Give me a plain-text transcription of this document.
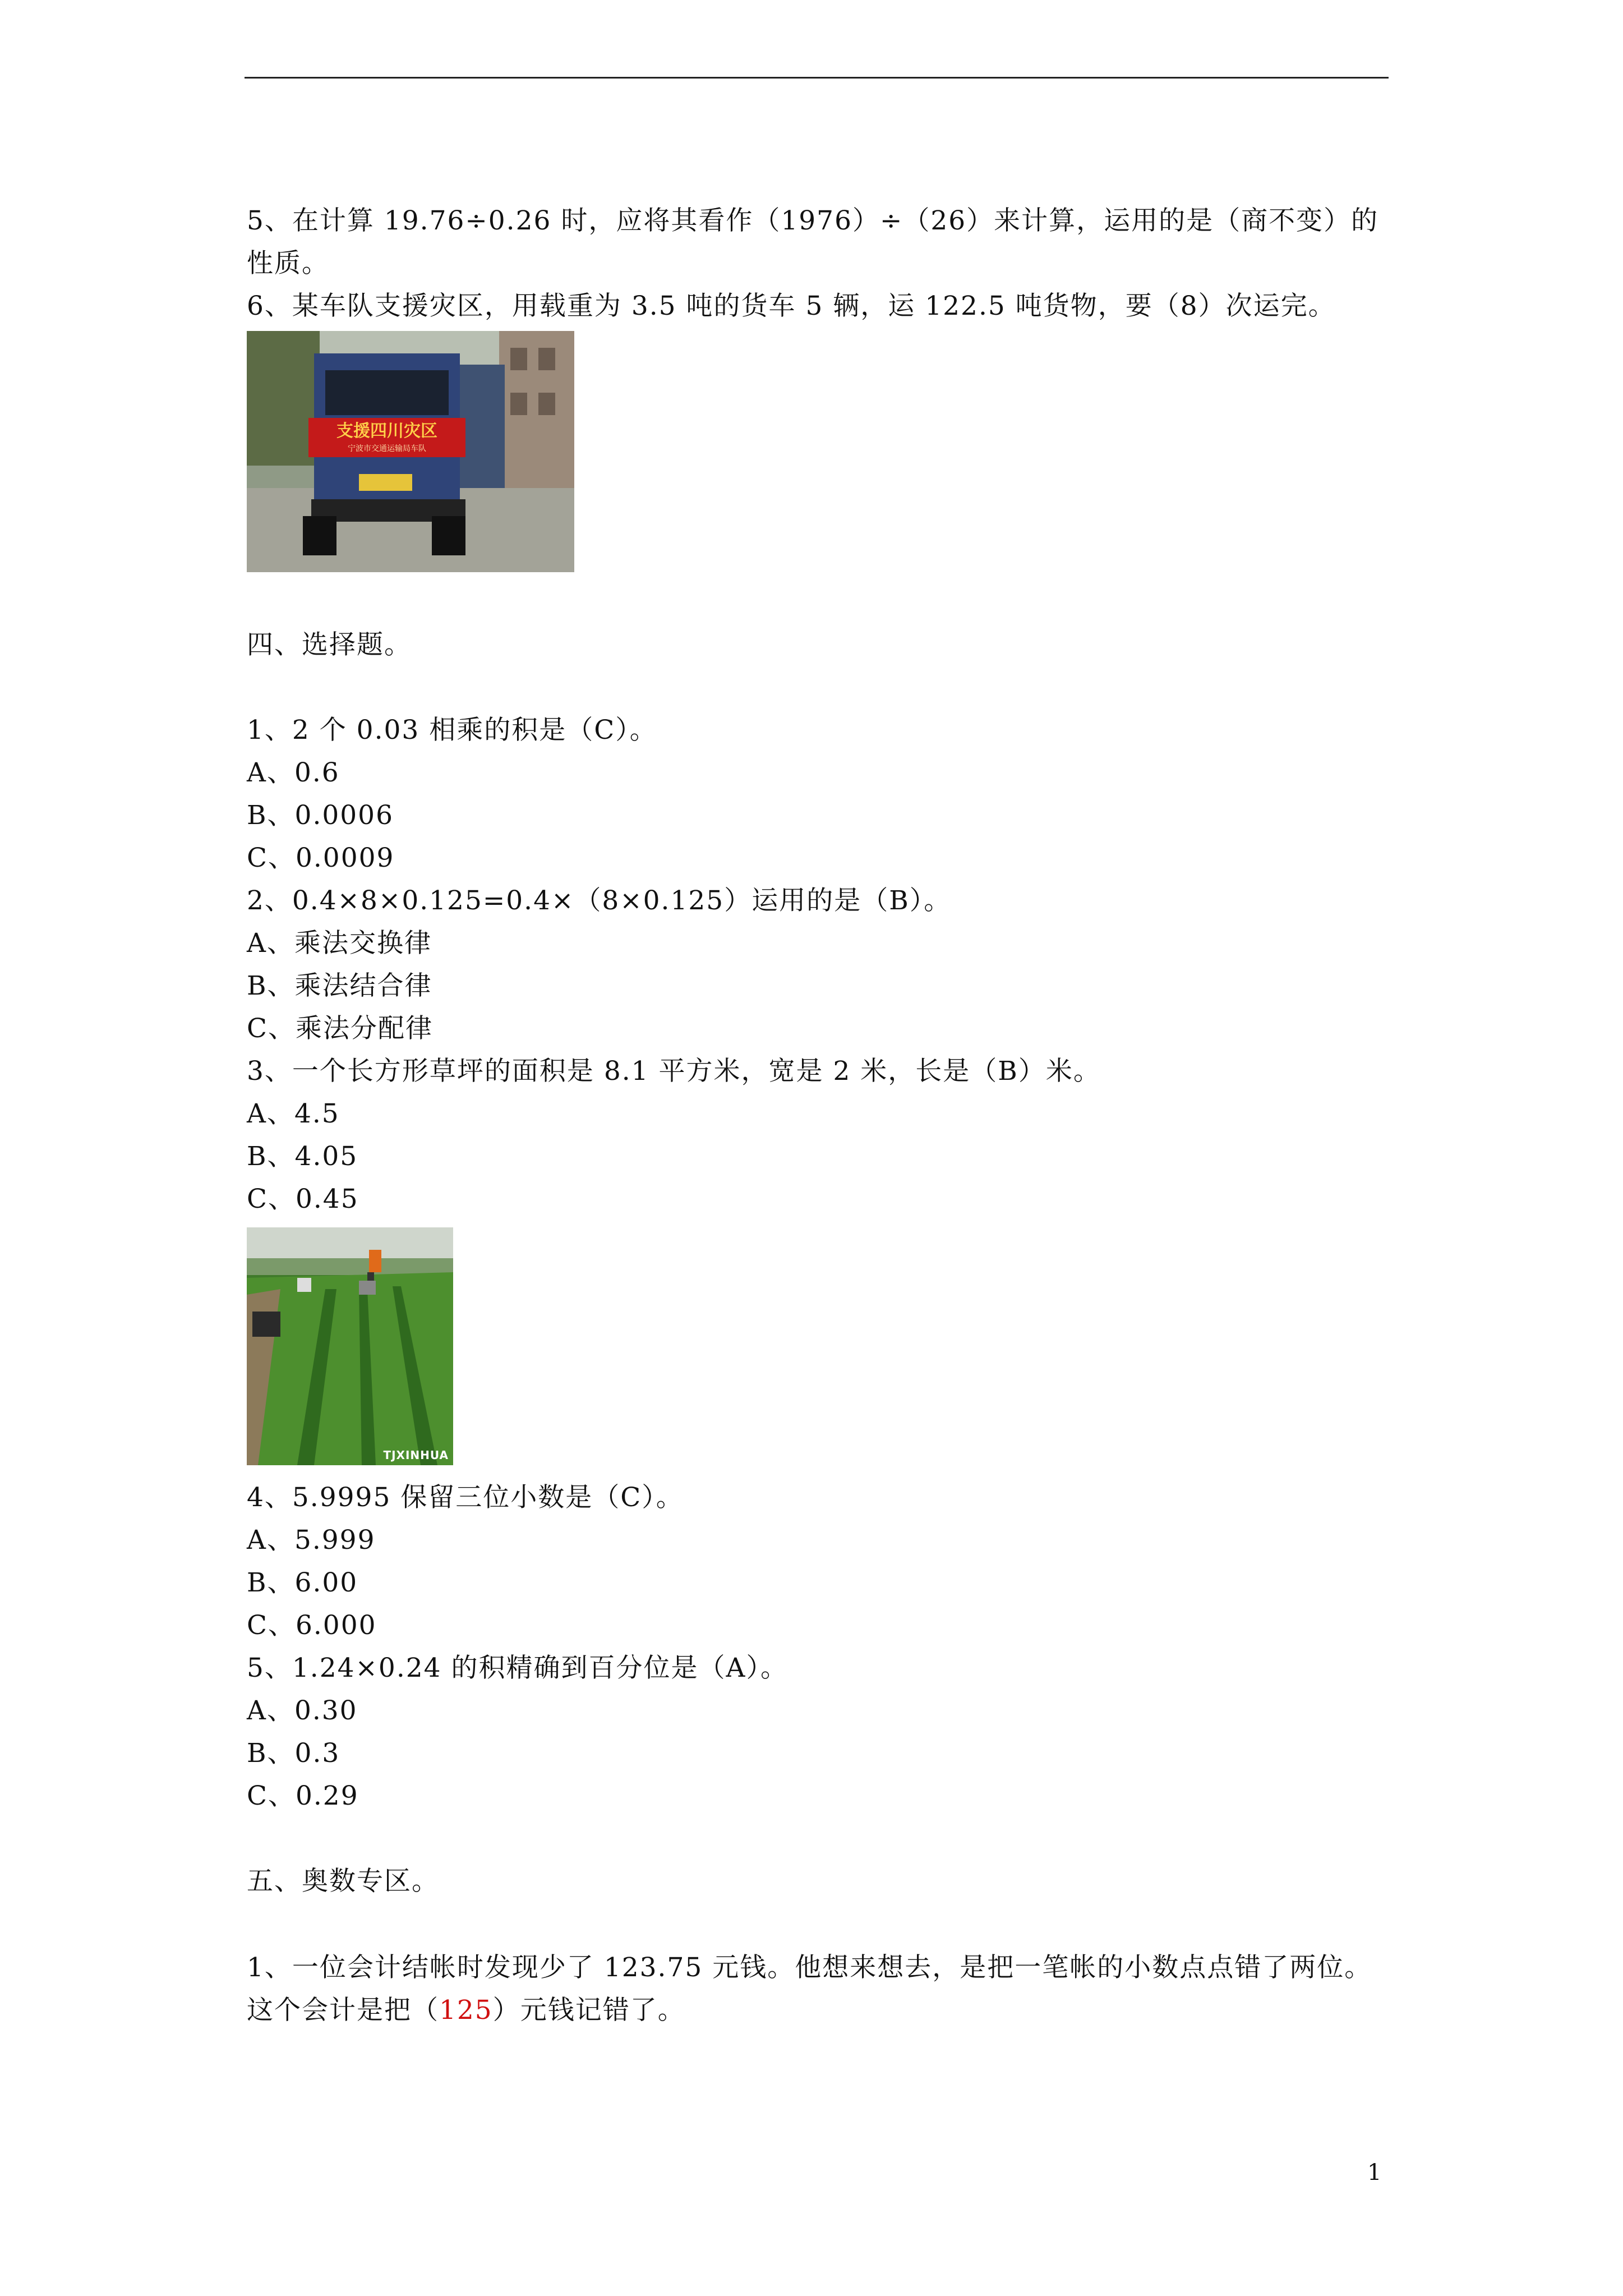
5、在计算 19.76÷0.26 时，应将其看作（1976）÷（26）来计算，运用的是（商不变）的
性质。
6、某车队支援灾区，用载重为 3.5 吨的货车 5 辆，运 122.5 吨货物，要（8）次运完。
支援四川灾区
宁波市交通运输局车队
四、选择题。
1、2 个 0.03 相乘的积是（C）。
A、0.6
B、0.0006
C、0.0009
2、0.4×8×0.125=0.4×（8×0.125）运用的是（B）。
A、乘法交换律
B、乘法结合律
C、乘法分配律
3、一个长方形草坪的面积是 8.1 平方米，宽是 2 米，长是（B）米。
A、4.5
B、4.05
C、0.45
TJXINHUA
4、5.9995 保留三位小数是（C）。
A、5.999
B、6.00
C、6.000
5、1.24×0.24 的积精确到百分位是（A）。
A、0.30
B、0.3
C、0.29
五、奥数专区。
1、一位会计结帐时发现少了 123.75 元钱。他想来想去，是把一笔帐的小数点点错了两位。
这个会计是把（125）元钱记错了。
1
